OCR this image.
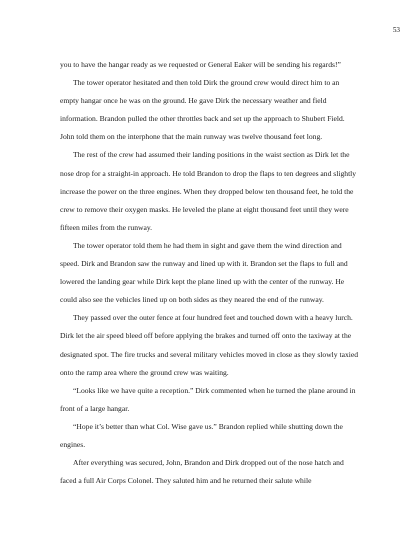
53

you to have the hangar ready as we requested or General Eaker will be sending his regards!”

The tower operator hesitated and then told Dirk the ground crew would direct him to an empty hangar once he was on the ground. He gave Dirk the necessary weather and field information. Brandon pulled the other throttles back and set up the approach to Shubert Field. John told them on the interphone that the main runway was twelve thousand feet long.

The rest of the crew had assumed their landing positions in the waist section as Dirk let the nose drop for a straight-in approach. He told Brandon to drop the flaps to ten degrees and slightly increase the power on the three engines. When they dropped below ten thousand feet, he told the crew to remove their oxygen masks. He leveled the plane at eight thousand feet until they were fifteen miles from the runway.

The tower operator told them he had them in sight and gave them the wind direction and speed. Dirk and Brandon saw the runway and lined up with it. Brandon set the flaps to full and lowered the landing gear while Dirk kept the plane lined up with the center of the runway. He could also see the vehicles lined up on both sides as they neared the end of the runway.

They passed over the outer fence at four hundred feet and touched down with a heavy lurch. Dirk let the air speed bleed off before applying the brakes and turned off onto the taxiway at the designated spot. The fire trucks and several military vehicles moved in close as they slowly taxied onto the ramp area where the ground crew was waiting.

“Looks like we have quite a reception.” Dirk commented when he turned the plane around in front of a large hangar.

“Hope it’s better than what Col. Wise gave us.” Brandon replied while shutting down the engines.

After everything was secured, John, Brandon and Dirk dropped out of the nose hatch and faced a full Air Corps Colonel. They saluted him and he returned their salute while
